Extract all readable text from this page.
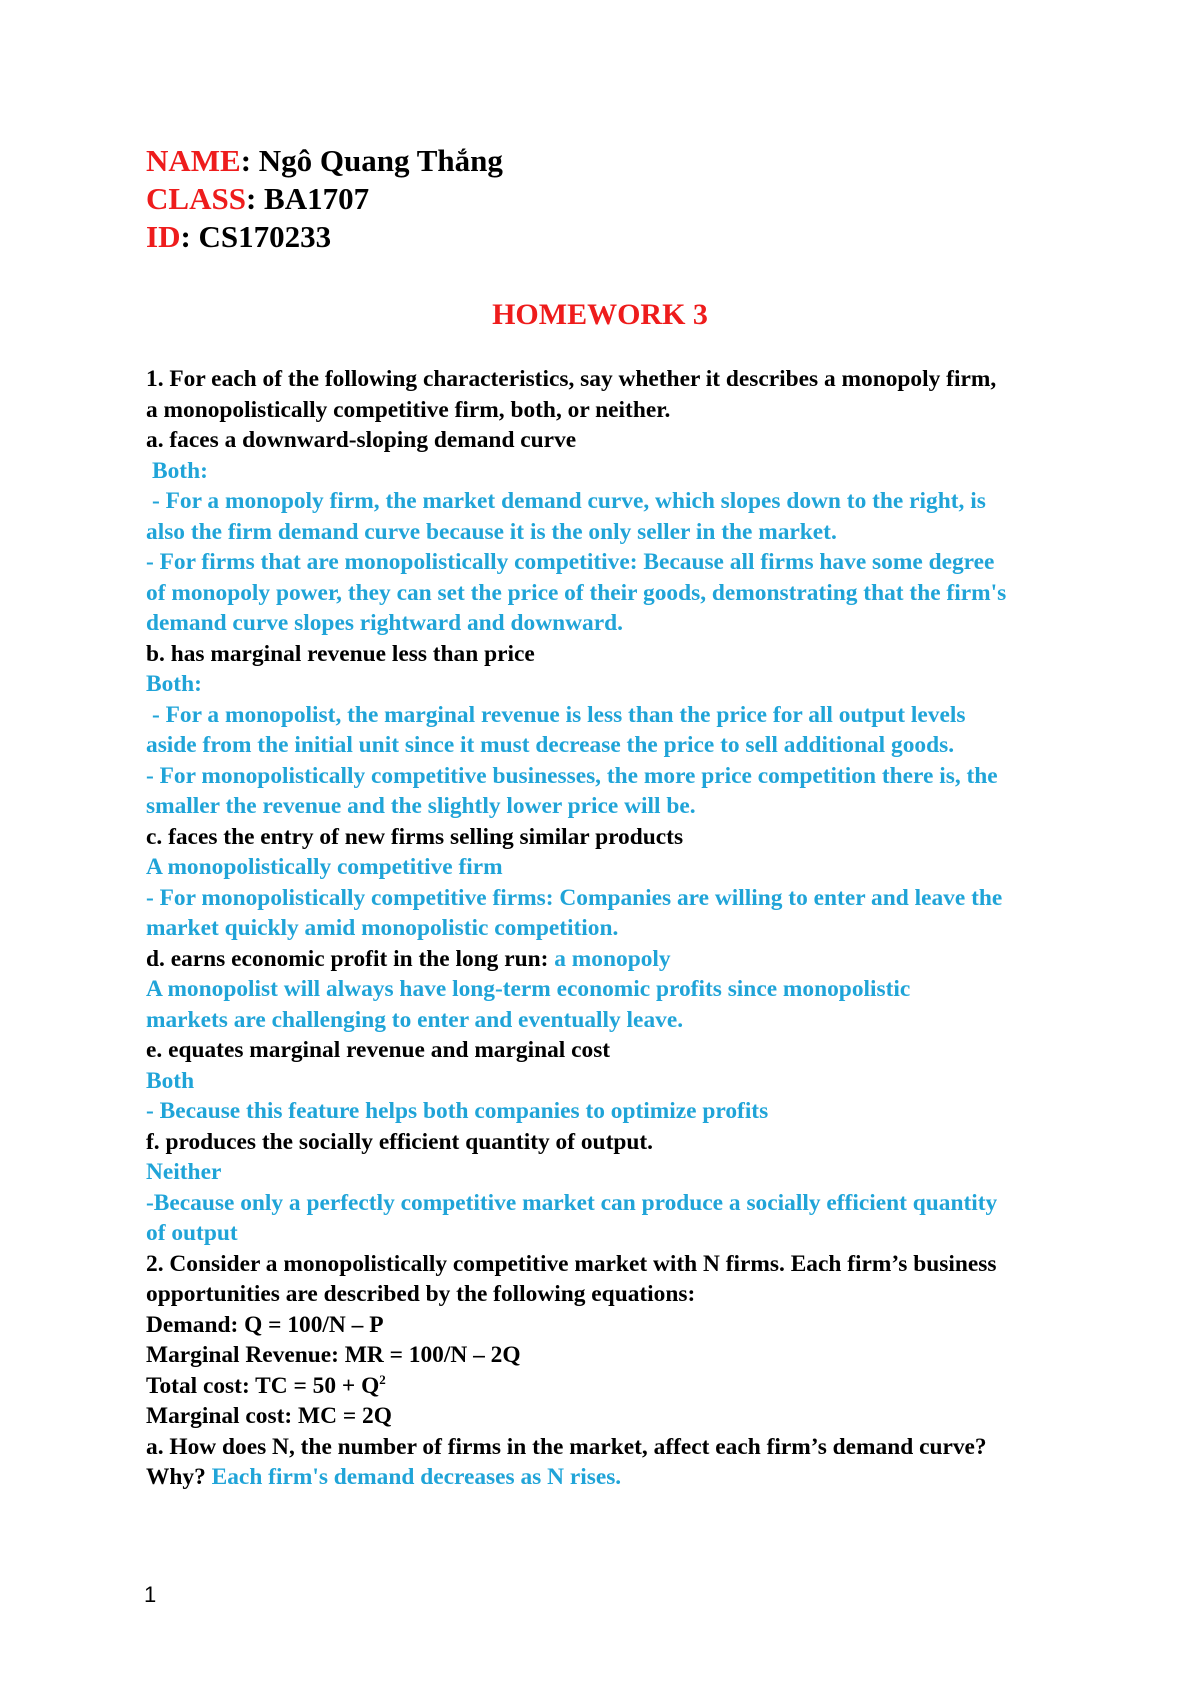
NAME: Ngô Quang Thắng
CLASS: BA1707
ID: CS170233
HOMEWORK 3
1. For each of the following characteristics, say whether it describes a monopoly firm,
a monopolistically competitive firm, both, or neither.
a. faces a downward-sloping demand curve
Both:
- For a monopoly firm, the market demand curve, which slopes down to the right, is
also the firm demand curve because it is the only seller in the market.
- For firms that are monopolistically competitive: Because all firms have some degree
of monopoly power, they can set the price of their goods, demonstrating that the firm's
demand curve slopes rightward and downward.
b. has marginal revenue less than price
Both:
- For a monopolist, the marginal revenue is less than the price for all output levels
aside from the initial unit since it must decrease the price to sell additional goods.
- For monopolistically competitive businesses, the more price competition there is, the
smaller the revenue and the slightly lower price will be.
c. faces the entry of new firms selling similar products
A monopolistically competitive firm
- For monopolistically competitive firms: Companies are willing to enter and leave the
market quickly amid monopolistic competition.
d. earns economic profit in the long run: a monopoly
A monopolist will always have long-term economic profits since monopolistic
markets are challenging to enter and eventually leave.
e. equates marginal revenue and marginal cost
Both
- Because this feature helps both companies to optimize profits
f. produces the socially efficient quantity of output.
Neither
-Because only a perfectly competitive market can produce a socially efficient quantity
of output
2. Consider a monopolistically competitive market with N firms. Each firm’s business
opportunities are described by the following equations:
Demand: Q = 100/N – P
Marginal Revenue: MR = 100/N – 2Q
Total cost: TC = $50 + Q^2$
Marginal cost: MC = 2Q
a. How does N, the number of firms in the market, affect each firm’s demand curve?
Why? Each firm's demand decreases as N rises.
1
